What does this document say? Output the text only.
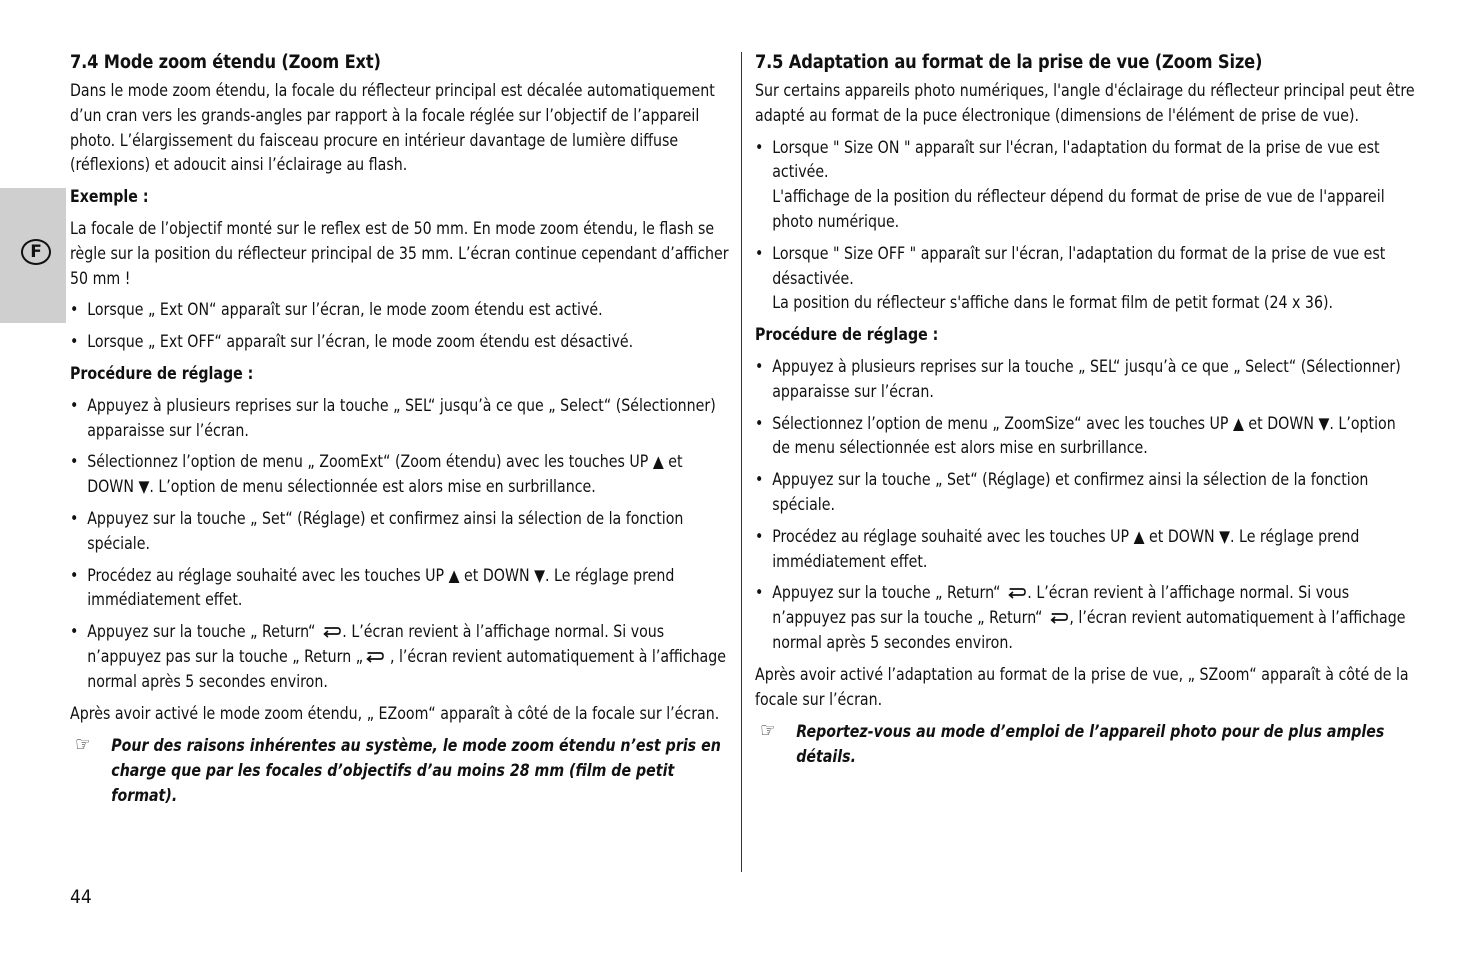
F
7.4 Mode zoom étendu (Zoom Ext)
Dans le mode zoom étendu, la focale du réflecteur principal est décalée automatiquement d’un cran vers les grands-angles par rapport à la focale réglée sur l’objectif de l’appareil photo. L’élargissement du faisceau procure en intérieur davantage de lumière diffuse (réflexions) et adoucit ainsi l’éclairage au flash.
Exemple :
La focale de l’objectif monté sur le reflex est de 50 mm. En mode zoom étendu, le flash se règle sur la position du réflecteur principal de 35 mm. L’écran continue cependant d’afficher 50 mm !
• Lorsque „ Ext ON“ apparaît sur l’écran, le mode zoom étendu est activé.
• Lorsque „ Ext OFF“ apparaît sur l’écran, le mode zoom étendu est désactivé.
Procédure de réglage :
• Appuyez à plusieurs reprises sur la touche „ SEL“ jusqu’à ce que „ Select“ (Sélectionner) apparaisse sur l’écran.
• Sélectionnez l’option de menu „ ZoomExt“ (Zoom étendu) avec les touches UP ▲ et DOWN ▼. L’option de menu sélectionnée est alors mise en surbrillance.
• Appuyez sur la touche „ Set“ (Réglage) et confirmez ainsi la sélection de la fonction spéciale.
• Procédez au réglage souhaité avec les touches UP ▲ et DOWN ▼. Le réglage prend immédiatement effet.
• Appuyez sur la touche „ Return“ . L’écran revient à l’affichage normal. Si vous n’appuyez pas sur la touche „ Return „ , l’écran revient automatiquement à l’affichage normal après 5 secondes environ.
Après avoir activé le mode zoom étendu, „ EZoom“ apparaît à côté de la focale sur l’écran.
☞ Pour des raisons inhérentes au système, le mode zoom étendu n’est pris en charge que par les focales d’objectifs d’au moins 28 mm (film de petit format).
7.5 Adaptation au format de la prise de vue (Zoom Size)
Sur certains appareils photo numériques, l'angle d'éclairage du réflecteur principal peut être adapté au format de la puce électronique (dimensions de l'élément de prise de vue).
• Lorsque " Size ON " apparaît sur l'écran, l'adaptation du format de la prise de vue est activée.
L'affichage de la position du réflecteur dépend du format de prise de vue de l'appareil photo numérique.
• Lorsque " Size OFF " apparaît sur l'écran, l'adaptation du format de la prise de vue est désactivée.
La position du réflecteur s'affiche dans le format film de petit format (24 x 36).
Procédure de réglage :
• Appuyez à plusieurs reprises sur la touche „ SEL“ jusqu’à ce que „ Select“ (Sélectionner) apparaisse sur l’écran.
• Sélectionnez l’option de menu „ ZoomSize“ avec les touches UP ▲ et DOWN ▼. L’option de menu sélectionnée est alors mise en surbrillance.
• Appuyez sur la touche „ Set“ (Réglage) et confirmez ainsi la sélection de la fonction spéciale.
• Procédez au réglage souhaité avec les touches UP ▲ et DOWN ▼. Le réglage prend immédiatement effet.
• Appuyez sur la touche „ Return“ . L’écran revient à l’affichage normal. Si vous n’appuyez pas sur la touche „ Return“ , l’écran revient automatiquement à l’affichage normal après 5 secondes environ.
Après avoir activé l’adaptation au format de la prise de vue, „ SZoom“ apparaît à côté de la focale sur l’écran.
☞ Reportez-vous au mode d’emploi de l’appareil photo pour de plus amples détails.
44
